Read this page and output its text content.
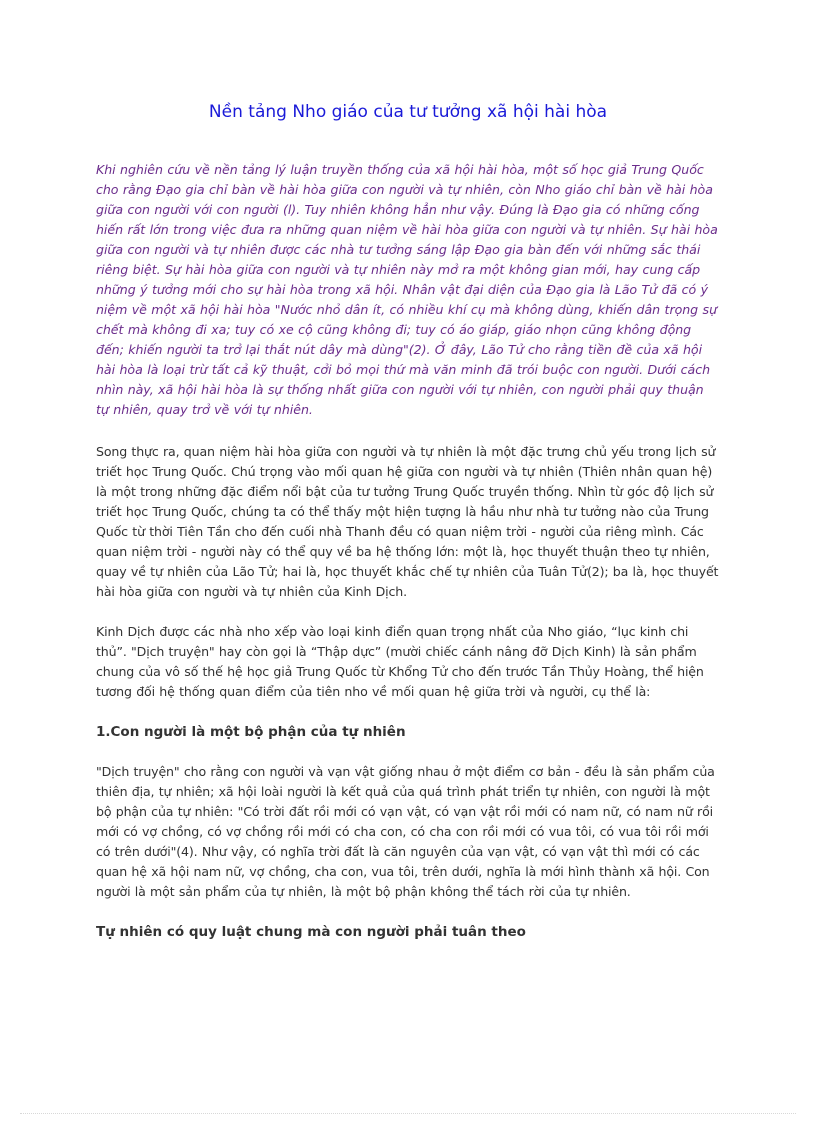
Nền tảng Nho giáo của tư tưởng xã hội hài hòa

Khi nghiên cứu về nền tảng lý luận truyền thống của xã hội hài hòa, một số học giả Trung Quốc cho rằng Đạo gia chỉ bàn về hài hòa giữa con người và tự nhiên, còn Nho giáo chỉ bàn về hài hòa giữa con người với con người (l). Tuy nhiên không hẳn như vậy. Đúng là Đạo gia có những cống hiến rất lớn trong việc đưa ra những quan niệm về hài hòa giữa con người và tự nhiên. Sự hài hòa giữa con người và tự nhiên được các nhà tư tưởng sáng lập Đạo gia bàn đến với những sắc thái riêng biệt. Sự hài hòa giữa con người và tự nhiên này mở ra một không gian mới, hay cung cấp những ý tưởng mới cho sự hài hòa trong xã hội. Nhân vật đại diện của Đạo gia là Lão Tử đã có ý niệm về một xã hội hài hòa "Nước nhỏ dân ít, có nhiều khí cụ mà không dùng, khiến dân trọng sự chết mà không đi xa; tuy có xe cộ cũng không đi; tuy có áo giáp, giáo nhọn cũng không động đến; khiến người ta trở lại thắt nút dây mà dùng"(2). Ở đây, Lão Tử cho rằng tiền đề của xã hội hài hòa là loại trừ tất cả kỹ thuật, cởi bỏ mọi thứ mà văn minh đã trói buộc con người. Dưới cách nhìn này, xã hội hài hòa là sự thống nhất giữa con người với tự nhiên, con người phải quy thuận tự nhiên, quay trở về với tự nhiên.

Song thực ra, quan niệm hài hòa giữa con người và tự nhiên là một đặc trưng chủ yếu trong lịch sử triết học Trung Quốc. Chú trọng vào mối quan hệ giữa con người và tự nhiên (Thiên nhân quan hệ) là một trong những đặc điểm nổi bật của tư tưởng Trung Quốc truyền thống. Nhìn từ góc độ lịch sử triết học Trung Quốc, chúng ta có thể thấy một hiện tượng là hầu như nhà tư tưởng nào của Trung Quốc từ thời Tiên Tần cho đến cuối nhà Thanh đều có quan niệm trời - người của riêng mình. Các quan niệm trời - người này có thể quy về ba hệ thống lớn: một là, học thuyết thuận theo tự nhiên, quay về tự nhiên của Lão Tử; hai là, học thuyết khắc chế tự nhiên của Tuân Tử(2); ba là, học thuyết hài hòa giữa con người và tự nhiên của Kinh Dịch.

Kinh Dịch được các nhà nho xếp vào loại kinh điển quan trọng nhất của Nho giáo, “lục kinh chi thủ”. "Dịch truyện" hay còn gọi là “Thập dực” (mười chiếc cánh nâng đỡ Dịch Kinh) là sản phẩm chung của vô số thế hệ học giả Trung Quốc từ Khổng Tử cho đến trước Tần Thủy Hoàng, thể hiện tương đối hệ thống quan điểm của tiên nho về mối quan hệ giữa trời và người, cụ thể là:

1.Con người là một bộ phận của tự nhiên

"Dịch truyện" cho rằng con người và vạn vật giống nhau ở một điểm cơ bản - đều là sản phẩm của thiên địa, tự nhiên; xã hội loài người là kết quả của quá trình phát triển tự nhiên, con người là một bộ phận của tự nhiên: "Có trời đất rồi mới có vạn vật, có vạn vật rồi mới có nam nữ, có nam nữ rồi mới có vợ chồng, có vợ chồng rồi mới có cha con, có cha con rồi mới có vua tôi, có vua tôi rồi mới có trên dưới"(4). Như vậy, có nghĩa trời đất là căn nguyên của vạn vật, có vạn vật thì mới có các quan hệ xã hội nam nữ, vợ chồng, cha con, vua tôi, trên dưới, nghĩa là mới hình thành xã hội. Con người là một sản phẩm của tự nhiên, là một bộ phận không thể tách rời của tự nhiên.

Tự nhiên có quy luật chung mà con người phải tuân theo
